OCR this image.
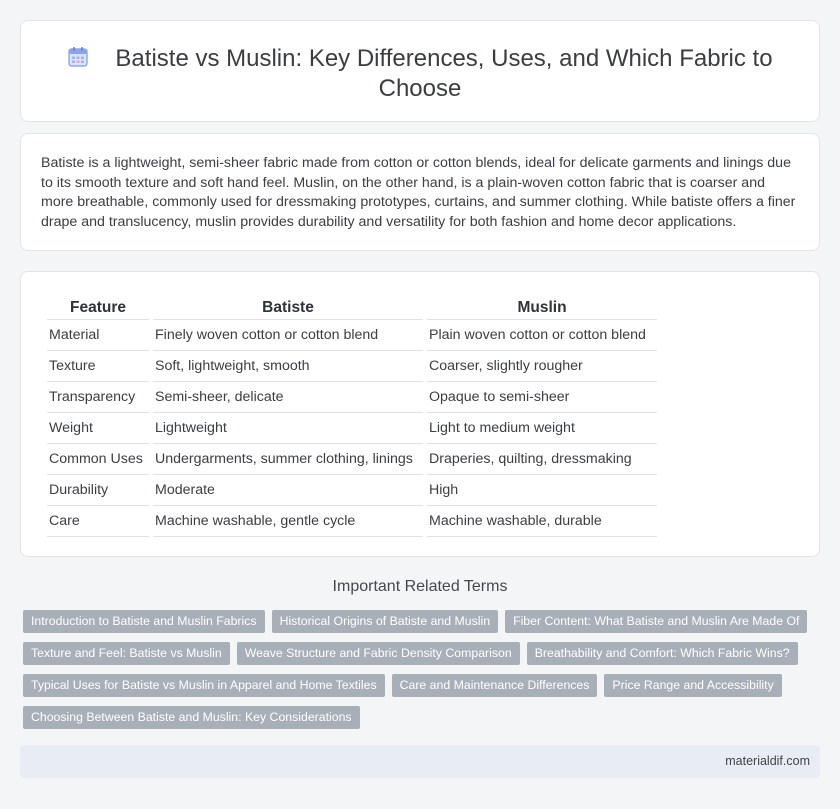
Batiste vs Muslin: Key Differences, Uses, and Which Fabric to Choose

Batiste is a lightweight, semi-sheer fabric made from cotton or cotton blends, ideal for delicate garments and linings due to its smooth texture and soft hand feel. Muslin, on the other hand, is a plain-woven cotton fabric that is coarser and more breathable, commonly used for dressmaking prototypes, curtains, and summer clothing. While batiste offers a finer drape and translucency, muslin provides durability and versatility for both fashion and home decor applications.

Feature	Batiste	Muslin
Material	Finely woven cotton or cotton blend	Plain woven cotton or cotton blend
Texture	Soft, lightweight, smooth	Coarser, slightly rougher
Transparency	Semi-sheer, delicate	Opaque to semi-sheer
Weight	Lightweight	Light to medium weight
Common Uses	Undergarments, summer clothing, linings	Draperies, quilting, dressmaking
Durability	Moderate	High
Care	Machine washable, gentle cycle	Machine washable, durable
Important Related Terms
Introduction to Batiste and Muslin Fabrics	Historical Origins of Batiste and Muslin	Fiber Content: What Batiste and Muslin Are Made Of
Texture and Feel: Batiste vs Muslin	Weave Structure and Fabric Density Comparison	Breathability and Comfort: Which Fabric Wins?
Typical Uses for Batiste vs Muslin in Apparel and Home Textiles	Care and Maintenance Differences	Price Range and Accessibility
Choosing Between Batiste and Muslin: Key Considerations
materialdif.com
